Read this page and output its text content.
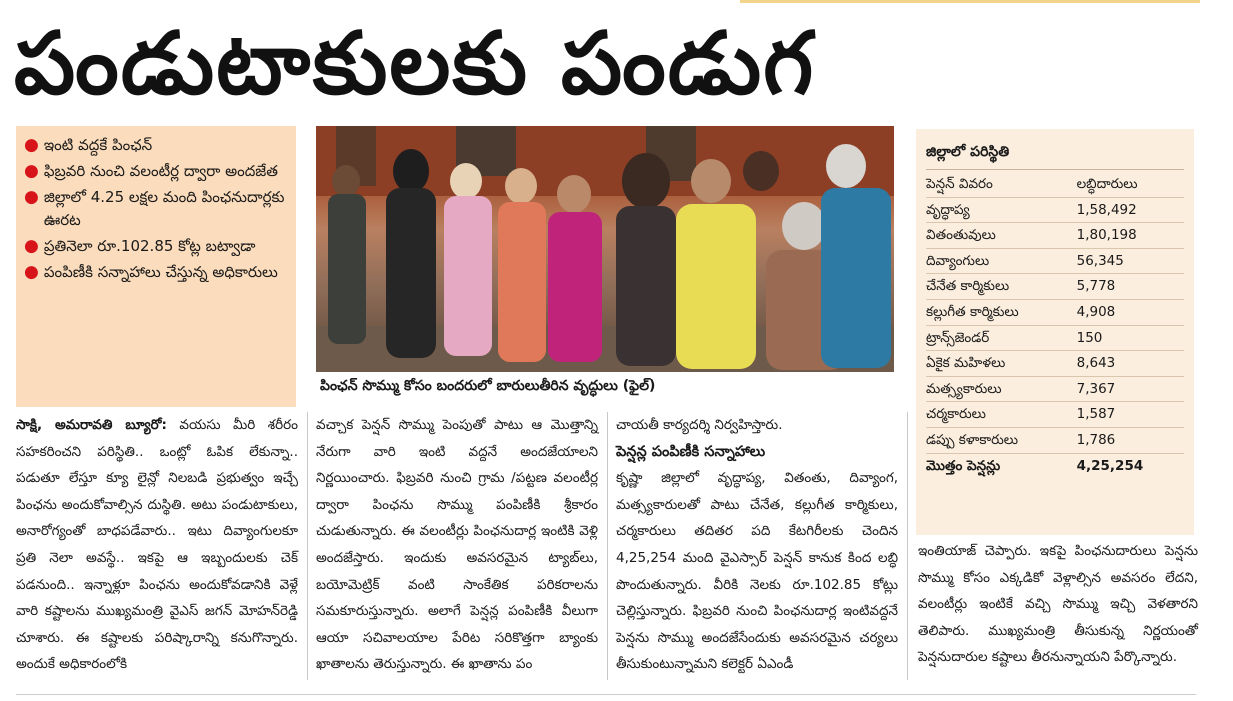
పండుటాకులకు పండుగ
● ఇంటి వద్దకే పింఛన్
● ఫిబ్రవరి నుంచి వలంటీర్ల ద్వారా అందజేత
● జిల్లాలో 4.25 లక్షల మంది పింఛనుదార్లకు ఊరట
● ప్రతినెలా రూ.102.85 కోట్ల బట్వాడా
● పంపిణీకి సన్నాహాలు చేస్తున్న అధికారులు
పింఛన్ సొమ్ము కోసం బందరులో బారులుతీరిన వృద్ధులు (ఫైల్)
జిల్లాలో పరిస్థితి
పెన్షన్ వివరం	లబ్ధిదారులు
వృద్ధాప్య	1,58,492
వితంతువులు	1,80,198
దివ్యాంగులు	56,345
చేనేత కార్మికులు	5,778
కల్లుగీత కార్మికులు	4,908
ట్రాన్స్‌జెండర్	150
ఏకైక మహిళలు	8,643
మత్స్యకారులు	7,367
చర్మకారులు	1,587
డప్పు కళాకారులు	1,786
మొత్తం పెన్షన్లు	4,25,254

సాక్షి, అమరావతి బ్యూరో: వయసు మీరి శరీరం సహకరించని పరిస్థితి.. ఒంట్లో ఓపిక లేకున్నా.. పడుతూ లేస్తూ క్యూ లైన్లో నిలబడి ప్రభుత్వం ఇచ్చే పింఛను అందుకోవాల్సిన దుస్థితి. అటు పండుటాకులు, అనారోగ్యంతో బాధపడేవారు.. ఇటు దివ్యాంగులకూ ప్రతి నెలా అవస్థే.. ఇకపై ఆ ఇబ్బందులకు చెక్ పడనుంది.. ఇన్నాళ్లూ పింఛను అందుకోవడానికి వెళ్లే వారి కష్టాలను ముఖ్యమంత్రి వైఎస్ జగన్ మోహన్‌రెడ్డి చూశారు. ఈ కష్టాలకు పరిష్కారాన్ని కనుగొన్నారు. అందుకే అధికారంలోకి

వచ్చాక పెన్షన్ సొమ్ము పెంపుతో పాటు ఆ మొత్తాన్ని నేరుగా వారి ఇంటి వద్దనే అందజేయాలని నిర్ణయించారు. ఫిబ్రవరి నుంచి గ్రామ /పట్టణ వలంటీర్ల ద్వారా పింఛను సొమ్ము పంపిణీకి శ్రీకారం చుడుతున్నారు. ఈ వలంటీర్లు పింఛనుదార్ల ఇంటికి వెళ్లి అందజేస్తారు. ఇందుకు అవసరమైన ట్యాబ్‌లు, బయోమెట్రిక్ వంటి సాంకేతిక పరికరాలను సమకూరుస్తున్నారు. అలాగే పెన్షన్ల పంపిణీకి వీలుగా ఆయా సచివాలయాల పేరిట సరికొత్తగా బ్యాంకు ఖాతాలను తెరుస్తున్నారు. ఈ ఖాతాను పం

చాయతీ కార్యదర్శి నిర్వహిస్తారు.

పెన్షన్ల పంపిణీకి సన్నాహాలు

కృష్ణా జిల్లాలో వృద్ధాప్య, వితంతు, దివ్యాంగ, మత్స్యకారులతో పాటు చేనేత, కల్లుగీత కార్మికులు, చర్మకారులు తదితర పది కేటగిరీలకు చెందిన 4,25,254 మంది వైఎస్సార్ పెన్షన్ కానుక కింద లబ్ధి పొందుతున్నారు. వీరికి నెలకు రూ.102.85 కోట్లు చెల్లిస్తున్నారు. ఫిబ్రవరి నుంచి పింఛనుదార్ల ఇంటివద్దనే పెన్షను సొమ్ము అందజేసేందుకు అవసరమైన చర్యలు తీసుకుంటున్నామని కలెక్టర్ ఏఎండీ

ఇంతియాజ్ చెప్పారు. ఇకపై పింఛనుదారులు పెన్షను సొమ్ము కోసం ఎక్కడికో వెళ్లాల్సిన అవసరం లేదని, వలంటీర్లు ఇంటికే వచ్చి సొమ్ము ఇచ్చి వెళతారని తెలిపారు. ముఖ్యమంత్రి తీసుకున్న నిర్ణయంతో పెన్షనుదారుల కష్టాలు తీరనున్నాయని పేర్కొన్నారు.
